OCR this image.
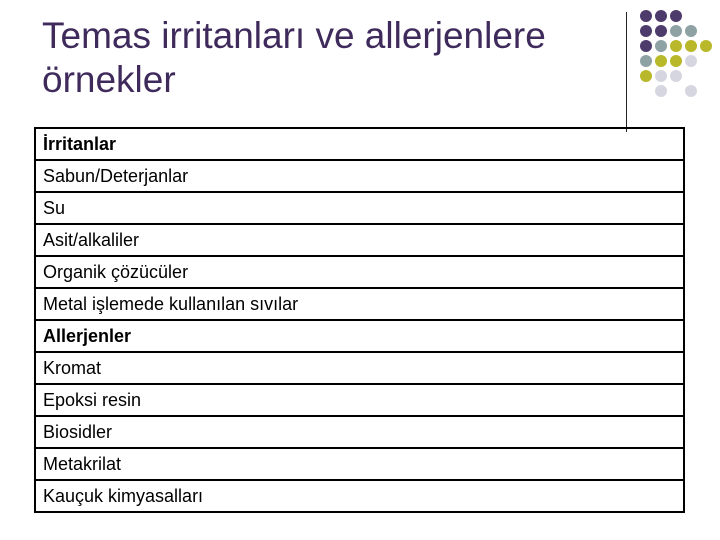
Temas irritanları ve allerjenlere örnekler
İrritanlar
Sabun/Deterjanlar
Su
Asit/alkaliler
Organik çözücüler
Metal işlemede kullanılan sıvılar
Allerjenler
Kromat
Epoksi resin
Biosidler
Metakrilat
Kauçuk kimyasalları
